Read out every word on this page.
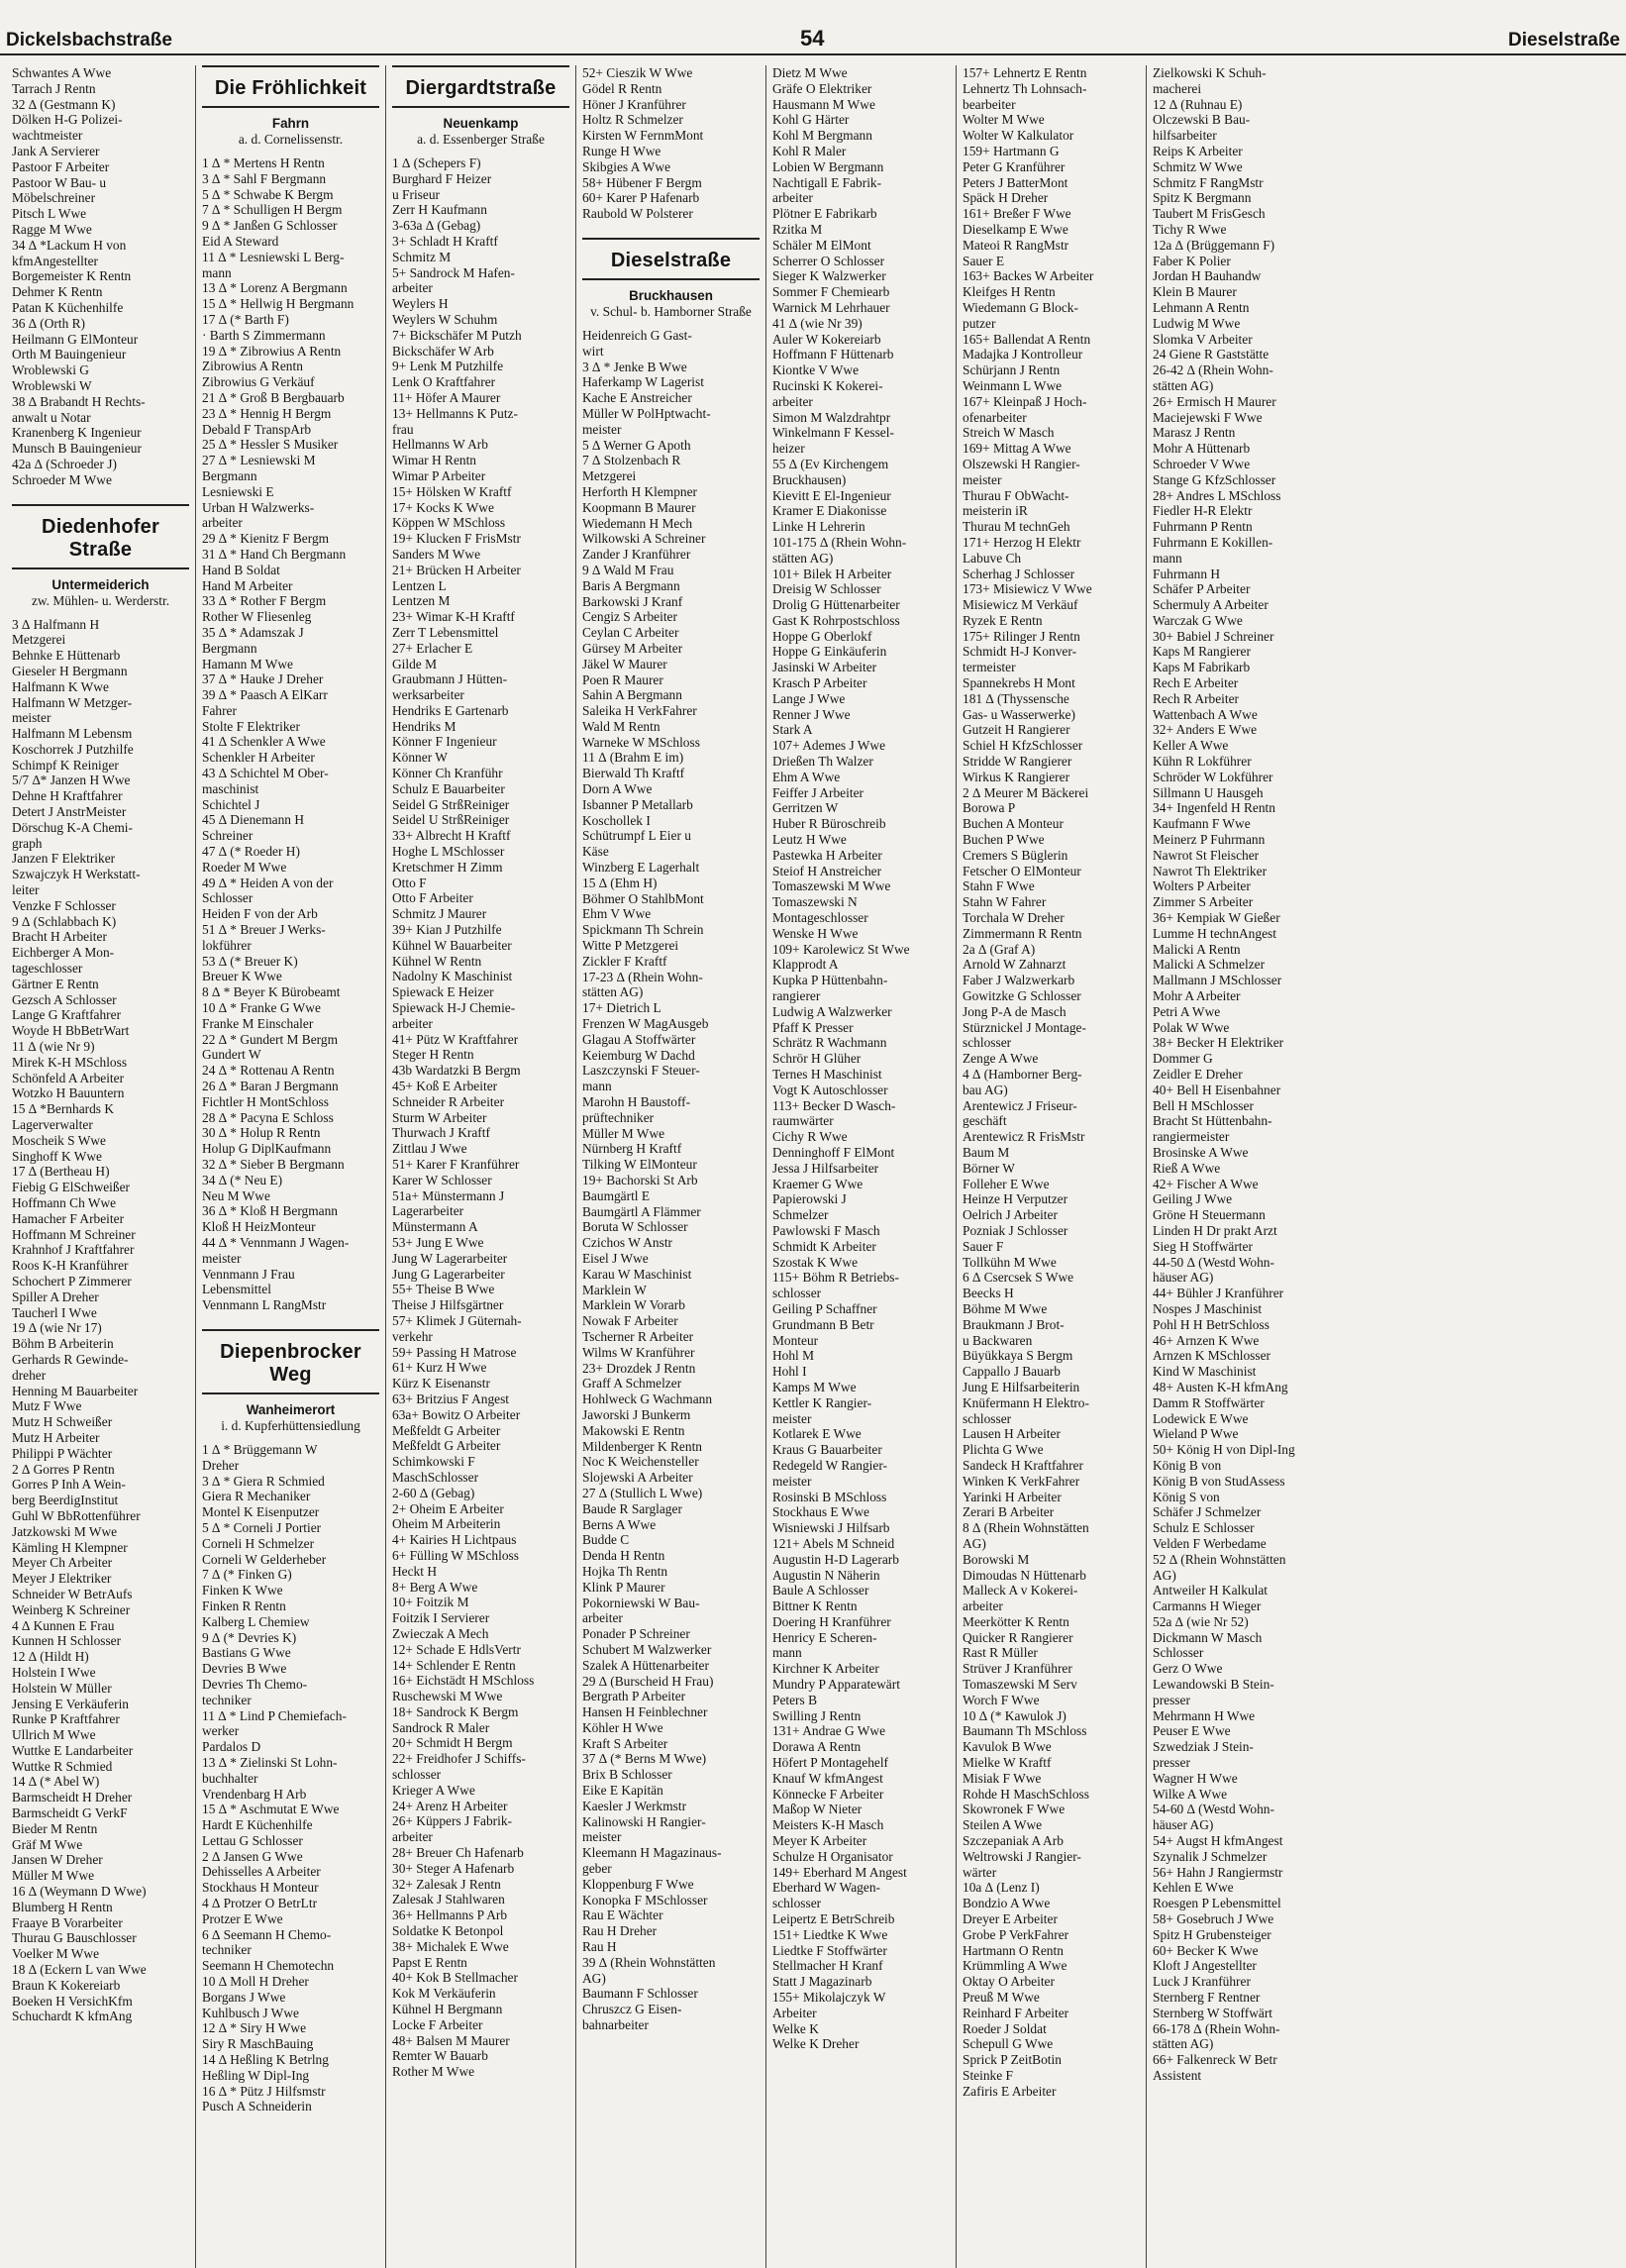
Dickelsbachstraße	54	Dieselstraße
Schwantes A Wwe
Tarrach J Rentn
32 ∆ (Gestmann K)
Dölken H-G Polizei-
wachtmeister
Jank A Servierer
Pastoor F Arbeiter
Pastoor W Bau- u
Möbelschreiner
Pitsch L Wwe
Ragge M Wwe
34 ∆ *Lackum H von
kfmAngestellter
Borgemeister K Rentn
Dehmer K Rentn
Patan K Küchenhilfe
36 ∆ (Orth R)
Heilmann G ElMonteur
Orth M Bauingenieur
Wroblewski G
Wroblewski W
38 ∆ Brabandt H Rechts-
anwalt u Notar
Kranenberg K Ingenieur
Munsch B Bauingenieur
42a ∆ (Schroeder J)
Schroeder M Wwe
Diedenhofer Straße
Untermeiderich
zw. Mühlen- u. Werderstr.
3 ∆ Halfmann H
Metzgerei
Behnke E Hüttenarb
Gieseler H Bergmann
Halfmann K Wwe
Halfmann W Metzger-
meister
Halfmann M Lebensm
Koschorrek J Putzhilfe
Schimpf K Reiniger
5/7 ∆* Janzen H Wwe
Dehne H Kraftfahrer
Detert J AnstrMeister
Dörschug K-A Chemi-
graph
Janzen F Elektriker
Szwajczyk H Werkstatt-
leiter
Venzke F Schlosser
9 ∆ (Schlabbach K)
Bracht H Arbeiter
Eichberger A Mon-
tageschlosser
Gärtner E Rentn
Gezsch A Schlosser
Lange G Kraftfahrer
Woyde H BbBetrWart
11 ∆ (wie Nr 9)
Mirek K-H MSchloss
Schönfeld A Arbeiter
Wotzko H Bauuntern
15 ∆ *Bernhards K
Lagerverwalter
Moscheik S Wwe
Singhoff K Wwe
17 ∆ (Bertheau H)
Fiebig G ElSchweißer
Hoffmann Ch Wwe
Hamacher F Arbeiter
Hoffmann M Schreiner
Krahnhof J Kraftfahrer
Roos K-H Kranführer
Schochert P Zimmerer
Spiller A Dreher
Taucherl I Wwe
19 ∆ (wie Nr 17)
Böhm B Arbeiterin
Gerhards R Gewinde-
dreher
Henning M Bauarbeiter
Mutz F Wwe
Mutz H Schweißer
Mutz H Arbeiter
Philippi P Wächter
2 ∆ Gorres P Rentn
Gorres P Inh A Wein-
berg BeerdigInstitut
Guhl W BbRottenführer
Jatzkowski M Wwe
Kämling H Klempner
Meyer Ch Arbeiter
Meyer J Elektriker
Schneider W BetrAufs
Weinberg K Schreiner
4 ∆ Kunnen E Frau
Kunnen H Schlosser
12 ∆ (Hildt H)
Holstein I Wwe
Holstein W Müller
Jensing E Verkäuferin
Runke P Kraftfahrer
Ullrich M Wwe
Wuttke E Landarbeiter
Wuttke R Schmied
14 ∆ (* Abel W)
Barmscheidt H Dreher
Barmscheidt G VerkF
Bieder M Rentn
Gräf M Wwe
Jansen W Dreher
Müller M Wwe
16 ∆ (Weymann D Wwe)
Blumberg H Rentn
Fraaye B Vorarbeiter
Thurau G Bauschlosser
Voelker M Wwe
18 ∆ (Eckern L van Wwe
Braun K Kokereiarb
Boeken H VersichKfm
Schuchardt K kfmAng
Die Fröhlichkeit
Fahrn
a. d. Cornelissenstr.
1 ∆ * Mertens H Rentn
3 ∆ * Sahl F Bergmann
5 ∆ * Schwabe K Bergm
7 ∆ * Schulligen H Bergm
9 ∆ * Janßen G Schlosser
Eid A Steward
11 ∆ * Lesniewski L Berg-
mann
13 ∆ * Lorenz A Bergmann
15 ∆ * Hellwig H Bergmann
17 ∆ (* Barth F)
· Barth S Zimmermann
19 ∆ * Zibrowius A Rentn
Zibrowius A Rentn
Zibrowius G Verkäuf
21 ∆ * Groß B Bergbauarb
23 ∆ * Hennig H Bergm
Debald F TranspArb
25 ∆ * Hessler S Musiker
27 ∆ * Lesniewski M
Bergmann
Lesniewski E
Urban H Walzwerks-
arbeiter
29 ∆ * Kienitz F Bergm
31 ∆ * Hand Ch Bergmann
Hand B Soldat
Hand M Arbeiter
33 ∆ * Rother F Bergm
Rother W Fliesenleg
35 ∆ * Adamszak J
Bergmann
Hamann M Wwe
37 ∆ * Hauke J Dreher
39 ∆ * Paasch A ElKarr
Fahrer
Stolte F Elektriker
41 ∆ Schenkler A Wwe
Schenkler H Arbeiter
43 ∆ Schichtel M Ober-
maschinist
Schichtel J
45 ∆ Dienemann H
Schreiner
47 ∆ (* Roeder H)
Roeder M Wwe
49 ∆ * Heiden A von der
Schlosser
Heiden F von der Arb
51 ∆ * Breuer J Werks-
lokführer
53 ∆ (* Breuer K)
Breuer K Wwe
8 ∆ * Beyer K Bürobeamt
10 ∆ * Franke G Wwe
Franke M Einschaler
22 ∆ * Gundert M Bergm
Gundert W
24 ∆ * Rottenau A Rentn
26 ∆ * Baran J Bergmann
Fichtler H MontSchloss
28 ∆ * Pacyna E Schloss
30 ∆ * Holup R Rentn
Holup G DiplKaufmann
32 ∆ * Sieber B Bergmann
34 ∆ (* Neu E)
Neu M Wwe
36 ∆ * Kloß H Bergmann
Kloß H HeizMonteur
44 ∆ * Vennmann J Wagen-
meister
Vennmann J Frau
Lebensmittel
Vennmann L RangMstr
Diepenbrocker Weg
Wanheimerort
i. d. Kupferhüttensiedlung
1 ∆ * Brüggemann W
Dreher
3 ∆ * Giera R Schmied
Giera R Mechaniker
Montel K Eisenputzer
5 ∆ * Corneli J Portier
Corneli H Schmelzer
Corneli W Gelderheber
7 ∆ (* Finken G)
Finken K Wwe
Finken R Rentn
Kalberg L Chemiew
9 ∆ (* Devries K)
Bastians G Wwe
Devries B Wwe
Devries Th Chemo-
techniker
11 ∆ * Lind P Chemiefach-
werker
Pardalos D
13 ∆ * Zielinski St Lohn-
buchhalter
Vrendenbarg H Arb
15 ∆ * Aschmutat E Wwe
Hardt E Küchenhilfe
Lettau G Schlosser
2 ∆ Jansen G Wwe
Dehisselles A Arbeiter
Stockhaus H Monteur
4 ∆ Protzer O BetrLtr
Protzer E Wwe
6 ∆ Seemann H Chemo-
techniker
Seemann H Chemotechn
10 ∆ Moll H Dreher
Borgans J Wwe
Kuhlbusch J Wwe
12 ∆ * Siry H Wwe
Siry R MaschBauing
14 ∆ Heßling K Betrlng
Heßling W Dipl-Ing
16 ∆ * Pütz J Hilfsmstr
Pusch A Schneiderin
Diergardtstraße
Neuenkamp
a. d. Essenberger Straße
1 ∆ (Schepers F)
Burghard F Heizer
u Friseur
Zerr H Kaufmann
3-63a ∆ (Gebag)
3+ Schladt H Kraftf
Schmitz M
5+ Sandrock M Hafen-
arbeiter
Weylers H
Weylers W Schuhm
7+ Bickschäfer M Putzh
Bickschäfer W Arb
9+ Lenk M Putzhilfe
Lenk O Kraftfahrer
11+ Höfer A Maurer
13+ Hellmanns K Putz-
frau
Hellmanns W Arb
Wimar H Rentn
Wimar P Arbeiter
15+ Hölsken W Kraftf
17+ Kocks K Wwe
Köppen W MSchloss
19+ Klucken F FrisMstr
Sanders M Wwe
21+ Brücken H Arbeiter
Lentzen L
Lentzen M
23+ Wimar K-H Kraftf
Zerr T Lebensmittel
27+ Erlacher E
Gilde M
Graubmann J Hütten-
werksarbeiter
Hendriks E Gartenarb
Hendriks M
Könner F Ingenieur
Könner W
Könner Ch Kranführ
Schulz E Bauarbeiter
Seidel G StrßReiniger
Seidel U StrßReiniger
33+ Albrecht H Kraftf
Hoghe L MSchlosser
Kretschmer H Zimm
Otto F
Otto F Arbeiter
Schmitz J Maurer
39+ Kian J Putzhilfe
Kühnel W Bauarbeiter
Kühnel W Rentn
Nadolny K Maschinist
Spiewack E Heizer
Spiewack H-J Chemie-
arbeiter
41+ Pütz W Kraftfahrer
Steger H Rentn
43b Wardatzki B Bergm
45+ Koß E Arbeiter
Schneider R Arbeiter
Sturm W Arbeiter
Thurwach J Kraftf
Zittlau J Wwe
51+ Karer F Kranführer
Karer W Schlosser
51a+ Münstermann J
Lagerarbeiter
Münstermann A
53+ Jung E Wwe
Jung W Lagerarbeiter
Jung G Lagerarbeiter
55+ Theise B Wwe
Theise J Hilfsgärtner
57+ Klimek J Güternah-
verkehr
59+ Passing H Matrose
61+ Kurz H Wwe
Kürz K Eisenanstr
63+ Britzius F Angest
63a+ Bowitz O Arbeiter
Meßfeldt G Arbeiter
Meßfeldt G Arbeiter
Schimkowski F
MaschSchlosser
2-60 ∆ (Gebag)
2+ Oheim E Arbeiter
Oheim M Arbeiterin
4+ Kairies H Lichtpaus
6+ Fülling W MSchloss
Heckt H
8+ Berg A Wwe
10+ Foitzik M
Foitzik I Servierer
Zwieczak A Mech
12+ Schade E HdlsVertr
14+ Schlender E Rentn
16+ Eichstädt H MSchloss
Ruschewski M Wwe
18+ Sandrock K Bergm
Sandrock R Maler
20+ Schmidt H Bergm
22+ Freidhofer J Schiffs-
schlosser
Krieger A Wwe
24+ Arenz H Arbeiter
26+ Küppers J Fabrik-
arbeiter
28+ Breuer Ch Hafenarb
30+ Steger A Hafenarb
32+ Zalesak J Rentn
Zalesak J Stahlwaren
36+ Hellmanns P Arb
Soldatke K Betonpol
38+ Michalek E Wwe
Papst E Rentn
40+ Kok B Stellmacher
Kok M Verkäuferin
Kühnel H Bergmann
Locke F Arbeiter
48+ Balsen M Maurer
Remter W Bauarb
Rother M Wwe
52+ Cieszik W Wwe
Gödel R Rentn
Höner J Kranführer
Holtz R Schmelzer
Kirsten W FernmMont
Runge H Wwe
Skibgies A Wwe
58+ Hübener F Bergm
60+ Karer P Hafenarb
Raubold W Polsterer
Dieselstraße
Bruckhausen
v. Schul- b. Hamborner Straße
Heidenreich G Gast-
wirt
3 ∆ * Jenke B Wwe
Haferkamp W Lagerist
Kache E Anstreicher
Müller W PolHptwacht-
meister
5 ∆ Werner G Apoth
7 ∆ Stolzenbach R
Metzgerei
Herforth H Klempner
Koopmann B Maurer
Wiedemann H Mech
Wilkowski A Schreiner
Zander J Kranführer
9 ∆ Wald M Frau
Baris A Bergmann
Barkowski J Kranf
Cengiz S Arbeiter
Ceylan C Arbeiter
Gürsey M Arbeiter
Jäkel W Maurer
Poen R Maurer
Sahin A Bergmann
Saleika H VerkFahrer
Wald M Rentn
Warneke W MSchloss
11 ∆ (Brahm E im)
Bierwald Th Kraftf
Dorn A Wwe
Isbanner P Metallarb
Koschollek I
Schütrumpf L Eier u
Käse
Winzberg E Lagerhalt
15 ∆ (Ehm H)
Böhmer O StahlbMont
Ehm V Wwe
Spickmann Th Schrein
Witte P Metzgerei
Zickler F Kraftf
17-23 ∆ (Rhein Wohn-
stätten AG)
17+ Dietrich L
Frenzen W MagAusgeb
Glagau A Stoffwärter
Keiemburg W Dachd
Laszczynski F Steuer-
mann
Marohn H Baustoff-
prüftechniker
Müller M Wwe
Nürnberg H Kraftf
Tilking W ElMonteur
19+ Bachorski St Arb
Baumgärtl E
Baumgärtl A Flämmer
Boruta W Schlosser
Czichos W Anstr
Eisel J Wwe
Karau W Maschinist
Marklein W
Marklein W Vorarb
Nowak F Arbeiter
Tscherner R Arbeiter
Wilms W Kranführer
23+ Drozdek J Rentn
Graff A Schmelzer
Hohlweck G Wachmann
Jaworski J Bunkerm
Makowski E Rentn
Mildenberger K Rentn
Noc K Weichensteller
Slojewski A Arbeiter
27 ∆ (Stullich L Wwe)
Baude R Sarglager
Berns A Wwe
Budde C
Denda H Rentn
Hojka Th Rentn
Klink P Maurer
Pokorniewski W Bau-
arbeiter
Ponader P Schreiner
Schubert M Walzwerker
Szalek A Hüttenarbeiter
29 ∆ (Burscheid H Frau)
Bergrath P Arbeiter
Hansen H Feinblechner
Köhler H Wwe
Kraft S Arbeiter
37 ∆ (* Berns M Wwe)
Brix B Schlosser
Eike E Kapitän
Kaesler J Werkmstr
Kalinowski H Rangier-
meister
Kleemann H Magazinaus-
geber
Kloppenburg F Wwe
Konopka F MSchlosser
Rau E Wächter
Rau H Dreher
Rau H
39 ∆ (Rhein Wohnstätten
AG)
Baumann F Schlosser
Chruszcz G Eisen-
bahnarbeiter
Dietz M Wwe
Gräfe O Elektriker
Hausmann M Wwe
Kohl G Härter
Kohl M Bergmann
Kohl R Maler
Lobien W Bergmann
Nachtigall E Fabrik-
arbeiter
Plötner E Fabrikarb
Rzitka M
Schäler M ElMont
Scherrer O Schlosser
Sieger K Walzwerker
Sommer F Chemiearb
Warnick M Lehrhauer
41 ∆ (wie Nr 39)
Auler W Kokereiarb
Hoffmann F Hüttenarb
Kiontke V Wwe
Rucinski K Kokerei-
arbeiter
Simon M Walzdrahtpr
Winkelmann F Kessel-
heizer
55 ∆ (Ev Kirchengem
Bruckhausen)
Kievitt E El-Ingenieur
Kramer E Diakonisse
Linke H Lehrerin
101-175 ∆ (Rhein Wohn-
stätten AG)
101+ Bilek H Arbeiter
Dreisig W Schlosser
Drolig G Hüttenarbeiter
Gast K Rohrpostschloss
Hoppe G Oberlokf
Hoppe G Einkäuferin
Jasinski W Arbeiter
Krasch P Arbeiter
Lange J Wwe
Renner J Wwe
Stark A
107+ Ademes J Wwe
Drießen Th Walzer
Ehm A Wwe
Feiffer J Arbeiter
Gerritzen W
Huber R Büroschreib
Leutz H Wwe
Pastewka H Arbeiter
Steiof H Anstreicher
Tomaszewski M Wwe
Tomaszewski N
Montageschlosser
Wenske H Wwe
109+ Karolewicz St Wwe
Klapprodt A
Kupka P Hüttenbahn-
rangierer
Ludwig A Walzwerker
Pfaff K Presser
Schrätz R Wachmann
Schrör H Glüher
Ternes H Maschinist
Vogt K Autoschlosser
113+ Becker D Wasch-
raumwärter
Cichy R Wwe
Denninghoff F ElMont
Jessa J Hilfsarbeiter
Kraemer G Wwe
Papierowski J
Schmelzer
Pawlowski F Masch
Schmidt K Arbeiter
Szostak K Wwe
115+ Böhm R Betriebs-
schlosser
Geiling P Schaffner
Grundmann B Betr
Monteur
Hohl M
Hohl I
Kamps M Wwe
Kettler K Rangier-
meister
Kotlarek E Wwe
Kraus G Bauarbeiter
Redegeld W Rangier-
meister
Rosinski B MSchloss
Stockhaus E Wwe
Wisniewski J Hilfsarb
121+ Abels M Schneid
Augustin H-D Lagerarb
Augustin N Näherin
Baule A Schlosser
Bittner K Rentn
Doering H Kranführer
Henricy E Scheren-
mann
Kirchner K Arbeiter
Mundry P Apparatewärt
Peters B
Swilling J Rentn
131+ Andrae G Wwe
Dorawa A Rentn
Höfert P Montagehelf
Knauf W kfmAngest
Könnecke F Arbeiter
Maßop W Nieter
Meisters K-H Masch
Meyer K Arbeiter
Schulze H Organisator
149+ Eberhard M Angest
Eberhard W Wagen-
schlosser
Leipertz E BetrSchreib
151+ Liedtke K Wwe
Liedtke F Stoffwärter
Stellmacher H Kranf
Statt J Magazinarb
155+ Mikolajczyk W
Arbeiter
Welke K
Welke K Dreher
157+ Lehnertz E Rentn
Lehnertz Th Lohnsach-
bearbeiter
Wolter M Wwe
Wolter W Kalkulator
159+ Hartmann G
Peter G Kranführer
Peters J BatterMont
Späck H Dreher
161+ Breßer F Wwe
Dieselkamp E Wwe
Mateoi R RangMstr
Sauer E
163+ Backes W Arbeiter
Kleifges H Rentn
Wiedemann G Block-
putzer
165+ Ballendat A Rentn
Madajka J Kontrolleur
Schürjann J Rentn
Weinmann L Wwe
167+ Kleinpaß J Hoch-
ofenarbeiter
Streich W Masch
169+ Mittag A Wwe
Olszewski H Rangier-
meister
Thurau F ObWacht-
meisterin iR
Thurau M technGeh
171+ Herzog H Elektr
Labuve Ch
Scherhag J Schlosser
173+ Misiewicz V Wwe
Misiewicz M Verkäuf
Ryzek E Rentn
175+ Rilinger J Rentn
Schmidt H-J Konver-
termeister
Spannekrebs H Mont
181 ∆ (Thyssensche
Gas- u Wasserwerke)
Gutzeit H Rangierer
Schiel H KfzSchlosser
Stridde W Rangierer
Wirkus K Rangierer
2 ∆ Meurer M Bäckerei
Borowa P
Buchen A Monteur
Buchen P Wwe
Cremers S Büglerin
Fetscher O ElMonteur
Stahn F Wwe
Stahn W Fahrer
Torchala W Dreher
Zimmermann R Rentn
2a ∆ (Graf A)
Arnold W Zahnarzt
Faber J Walzwerkarb
Gowitzke G Schlosser
Jong P-A de Masch
Stürznickel J Montage-
schlosser
Zenge A Wwe
4 ∆ (Hamborner Berg-
bau AG)
Arentewicz J Friseur-
geschäft
Arentewicz R FrisMstr
Baum M
Börner W
Folleher E Wwe
Heinze H Verputzer
Oelrich J Arbeiter
Pozniak J Schlosser
Sauer F
Tollkühn M Wwe
6 ∆ Csercsek S Wwe
Beecks H
Böhme M Wwe
Braukmann J Brot-
u Backwaren
Büyükkaya S Bergm
Cappallo J Bauarb
Jung E Hilfsarbeiterin
Knüfermann H Elektro-
schlosser
Lausen H Arbeiter
Plichta G Wwe
Sandeck H Kraftfahrer
Winken K VerkFahrer
Yarinki H Arbeiter
Zerari B Arbeiter
8 ∆ (Rhein Wohnstätten
AG)
Borowski M
Dimoudas N Hüttenarb
Malleck A v Kokerei-
arbeiter
Meerkötter K Rentn
Quicker R Rangierer
Rast R Müller
Strüver J Kranführer
Tomaszewski M Serv
Worch F Wwe
10 ∆ (* Kawulok J)
Baumann Th MSchloss
Kavulok B Wwe
Mielke W Kraftf
Misiak F Wwe
Rohde H MaschSchloss
Skowronek F Wwe
Steilen A Wwe
Szczepaniak A Arb
Weltrowski J Rangier-
wärter
10a ∆ (Lenz I)
Bondzio A Wwe
Dreyer E Arbeiter
Grobe P VerkFahrer
Hartmann O Rentn
Krümmling A Wwe
Oktay O Arbeiter
Preuß M Wwe
Reinhard F Arbeiter
Roeder J Soldat
Schepull G Wwe
Sprick P ZeitBotin
Steinke F
Zafiris E Arbeiter
Zielkowski K Schuh-
macherei
12 ∆ (Ruhnau E)
Olczewski B Bau-
hilfsarbeiter
Reips K Arbeiter
Schmitz W Wwe
Schmitz F RangMstr
Spitz K Bergmann
Taubert M FrisGesch
Tichy R Wwe
12a ∆ (Brüggemann F)
Faber K Polier
Jordan H Bauhandw
Klein B Maurer
Lehmann A Rentn
Ludwig M Wwe
Slomka V Arbeiter
24 Giene R Gaststätte
26-42 ∆ (Rhein Wohn-
stätten AG)
26+ Ermisch H Maurer
Maciejewski F Wwe
Marasz J Rentn
Mohr A Hüttenarb
Schroeder V Wwe
Stange G KfzSchlosser
28+ Andres L MSchloss
Fiedler H-R Elektr
Fuhrmann P Rentn
Fuhrmann E Kokillen-
mann
Fuhrmann H
Schäfer P Arbeiter
Schermuly A Arbeiter
Warczak G Wwe
30+ Babiel J Schreiner
Kaps M Rangierer
Kaps M Fabrikarb
Rech E Arbeiter
Rech R Arbeiter
Wattenbach A Wwe
32+ Anders E Wwe
Keller A Wwe
Kühn R Lokführer
Schröder W Lokführer
Sillmann U Hausgeh
34+ Ingenfeld H Rentn
Kaufmann F Wwe
Meinerz P Fuhrmann
Nawrot St Fleischer
Nawrot Th Elektriker
Wolters P Arbeiter
Zimmer S Arbeiter
36+ Kempiak W Gießer
Lumme H technAngest
Malicki A Rentn
Malicki A Schmelzer
Mallmann J MSchlosser
Mohr A Arbeiter
Petri A Wwe
Polak W Wwe
38+ Becker H Elektriker
Dommer G
Zeidler E Dreher
40+ Bell H Eisenbahner
Bell H MSchlosser
Bracht St Hüttenbahn-
rangiermeister
Brosinske A Wwe
Rieß A Wwe
42+ Fischer A Wwe
Geiling J Wwe
Gröne H Steuermann
Linden H Dr prakt Arzt
Sieg H Stoffwärter
44-50 ∆ (Westd Wohn-
häuser AG)
44+ Bühler J Kranführer
Nospes J Maschinist
Pohl H H BetrSchloss
46+ Arnzen K Wwe
Arnzen K MSchlosser
Kind W Maschinist
48+ Austen K-H kfmAng
Damm R Stoffwärter
Lodewick E Wwe
Wieland P Wwe
50+ König H von Dipl-Ing
König B von
König B von StudAssess
König S von
Schäfer J Schmelzer
Schulz E Schlosser
Velden F Werbedame
52 ∆ (Rhein Wohnstätten
AG)
Antweiler H Kalkulat
Carmanns H Wieger
52a ∆ (wie Nr 52)
Dickmann W Masch
Schlosser
Gerz O Wwe
Lewandowski B Stein-
presser
Mehrmann H Wwe
Peuser E Wwe
Szwedziak J Stein-
presser
Wagner H Wwe
Wilke A Wwe
54-60 ∆ (Westd Wohn-
häuser AG)
54+ Augst H kfmAngest
Szynalik J Schmelzer
56+ Hahn J Rangiermstr
Kehlen E Wwe
Roesgen P Lebensmittel
58+ Gosebruch J Wwe
Spitz H Grubensteiger
60+ Becker K Wwe
Kloft J Angestellter
Luck J Kranführer
Sternberg F Rentner
Sternberg W Stoffwärt
66-178 ∆ (Rhein Wohn-
stätten AG)
66+ Falkenreck W Betr
Assistent
